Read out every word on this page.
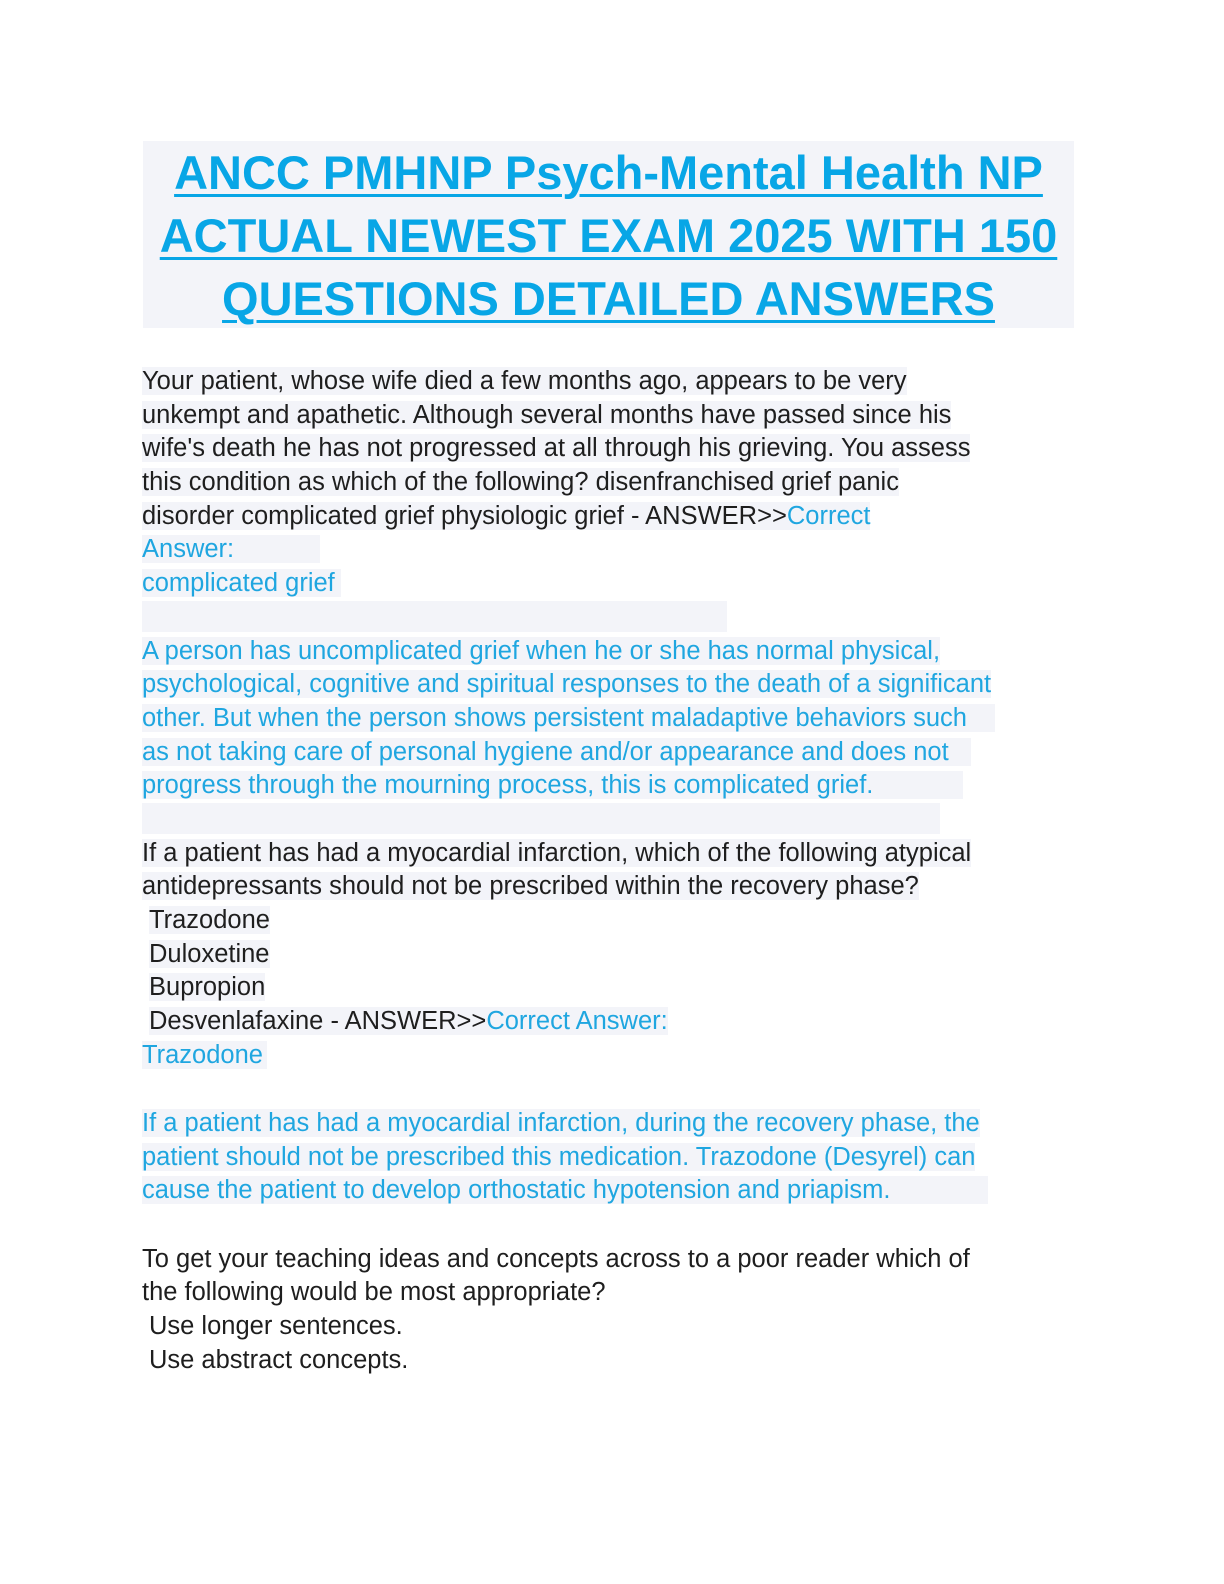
ANCC PMHNP Psych-Mental Health NP
ACTUAL NEWEST EXAM 2025 WITH 150
QUESTIONS DETAILED ANSWERS
Your patient, whose wife died a few months ago, appears to be very
unkempt and apathetic. Although several months have passed since his
wife's death he has not progressed at all through his grieving. You assess
this condition as which of the following? disenfranchised grief panic
disorder complicated grief physiologic grief - ANSWER>>Correct
Answer:
complicated grief
A person has uncomplicated grief when he or she has normal physical,
psychological, cognitive and spiritual responses to the death of a significant
other. But when the person shows persistent maladaptive behaviors such
as not taking care of personal hygiene and/or appearance and does not
progress through the mourning process, this is complicated grief.
If a patient has had a myocardial infarction, which of the following atypical
antidepressants should not be prescribed within the recovery phase?
Trazodone
Duloxetine
Bupropion
Desvenlafaxine - ANSWER>>Correct Answer:
Trazodone
If a patient has had a myocardial infarction, during the recovery phase, the
patient should not be prescribed this medication. Trazodone (Desyrel) can
cause the patient to develop orthostatic hypotension and priapism.
To get your teaching ideas and concepts across to a poor reader which of
the following would be most appropriate?
Use longer sentences.
Use abstract concepts.
